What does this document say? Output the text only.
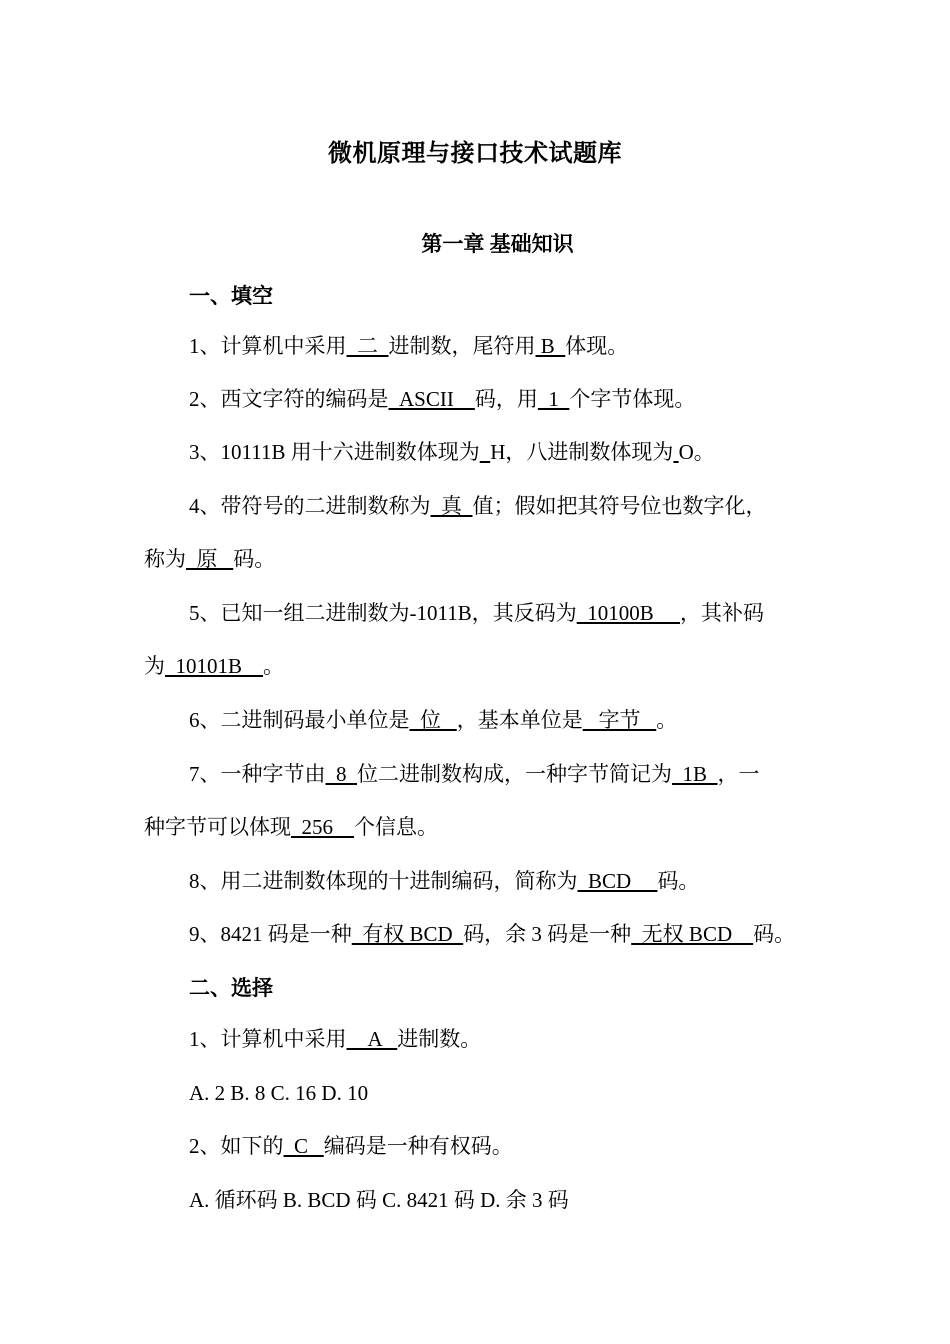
微机原理与接口技术试题库
第一章 基础知识
一、填空
1、计算机中采用  二  进制数，尾符用 B  体现。
2、西文字符的编码是  ASCII    码，用  1  个字节体现。
3、10111B 用十六进制数体现为 H，八进制数体现为 O。
4、带符号的二进制数称为  真  值；假如把其符号位也数字化，
称为  原   码。
5、已知一组二进制数为-1011B，其反码为  10100B     ，其补码
为  10101B    。
6、二进制码最小单位是  位   ，基本单位是   字节   。
7、一种字节由  8  位二进制数构成，一种字节简记为  1B  ，一
种字节可以体现  256    个信息。
8、用二进制数体现的十进制编码，简称为  BCD     码。
9、8421 码是一种  有权 BCD  码，余 3 码是一种  无权 BCD    码。
二、选择
1、计算机中采用    A   进制数。
A. 2 B. 8 C. 16 D. 10
2、如下的  C   编码是一种有权码。
A. 循环码 B. BCD 码 C. 8421 码 D. 余 3 码
